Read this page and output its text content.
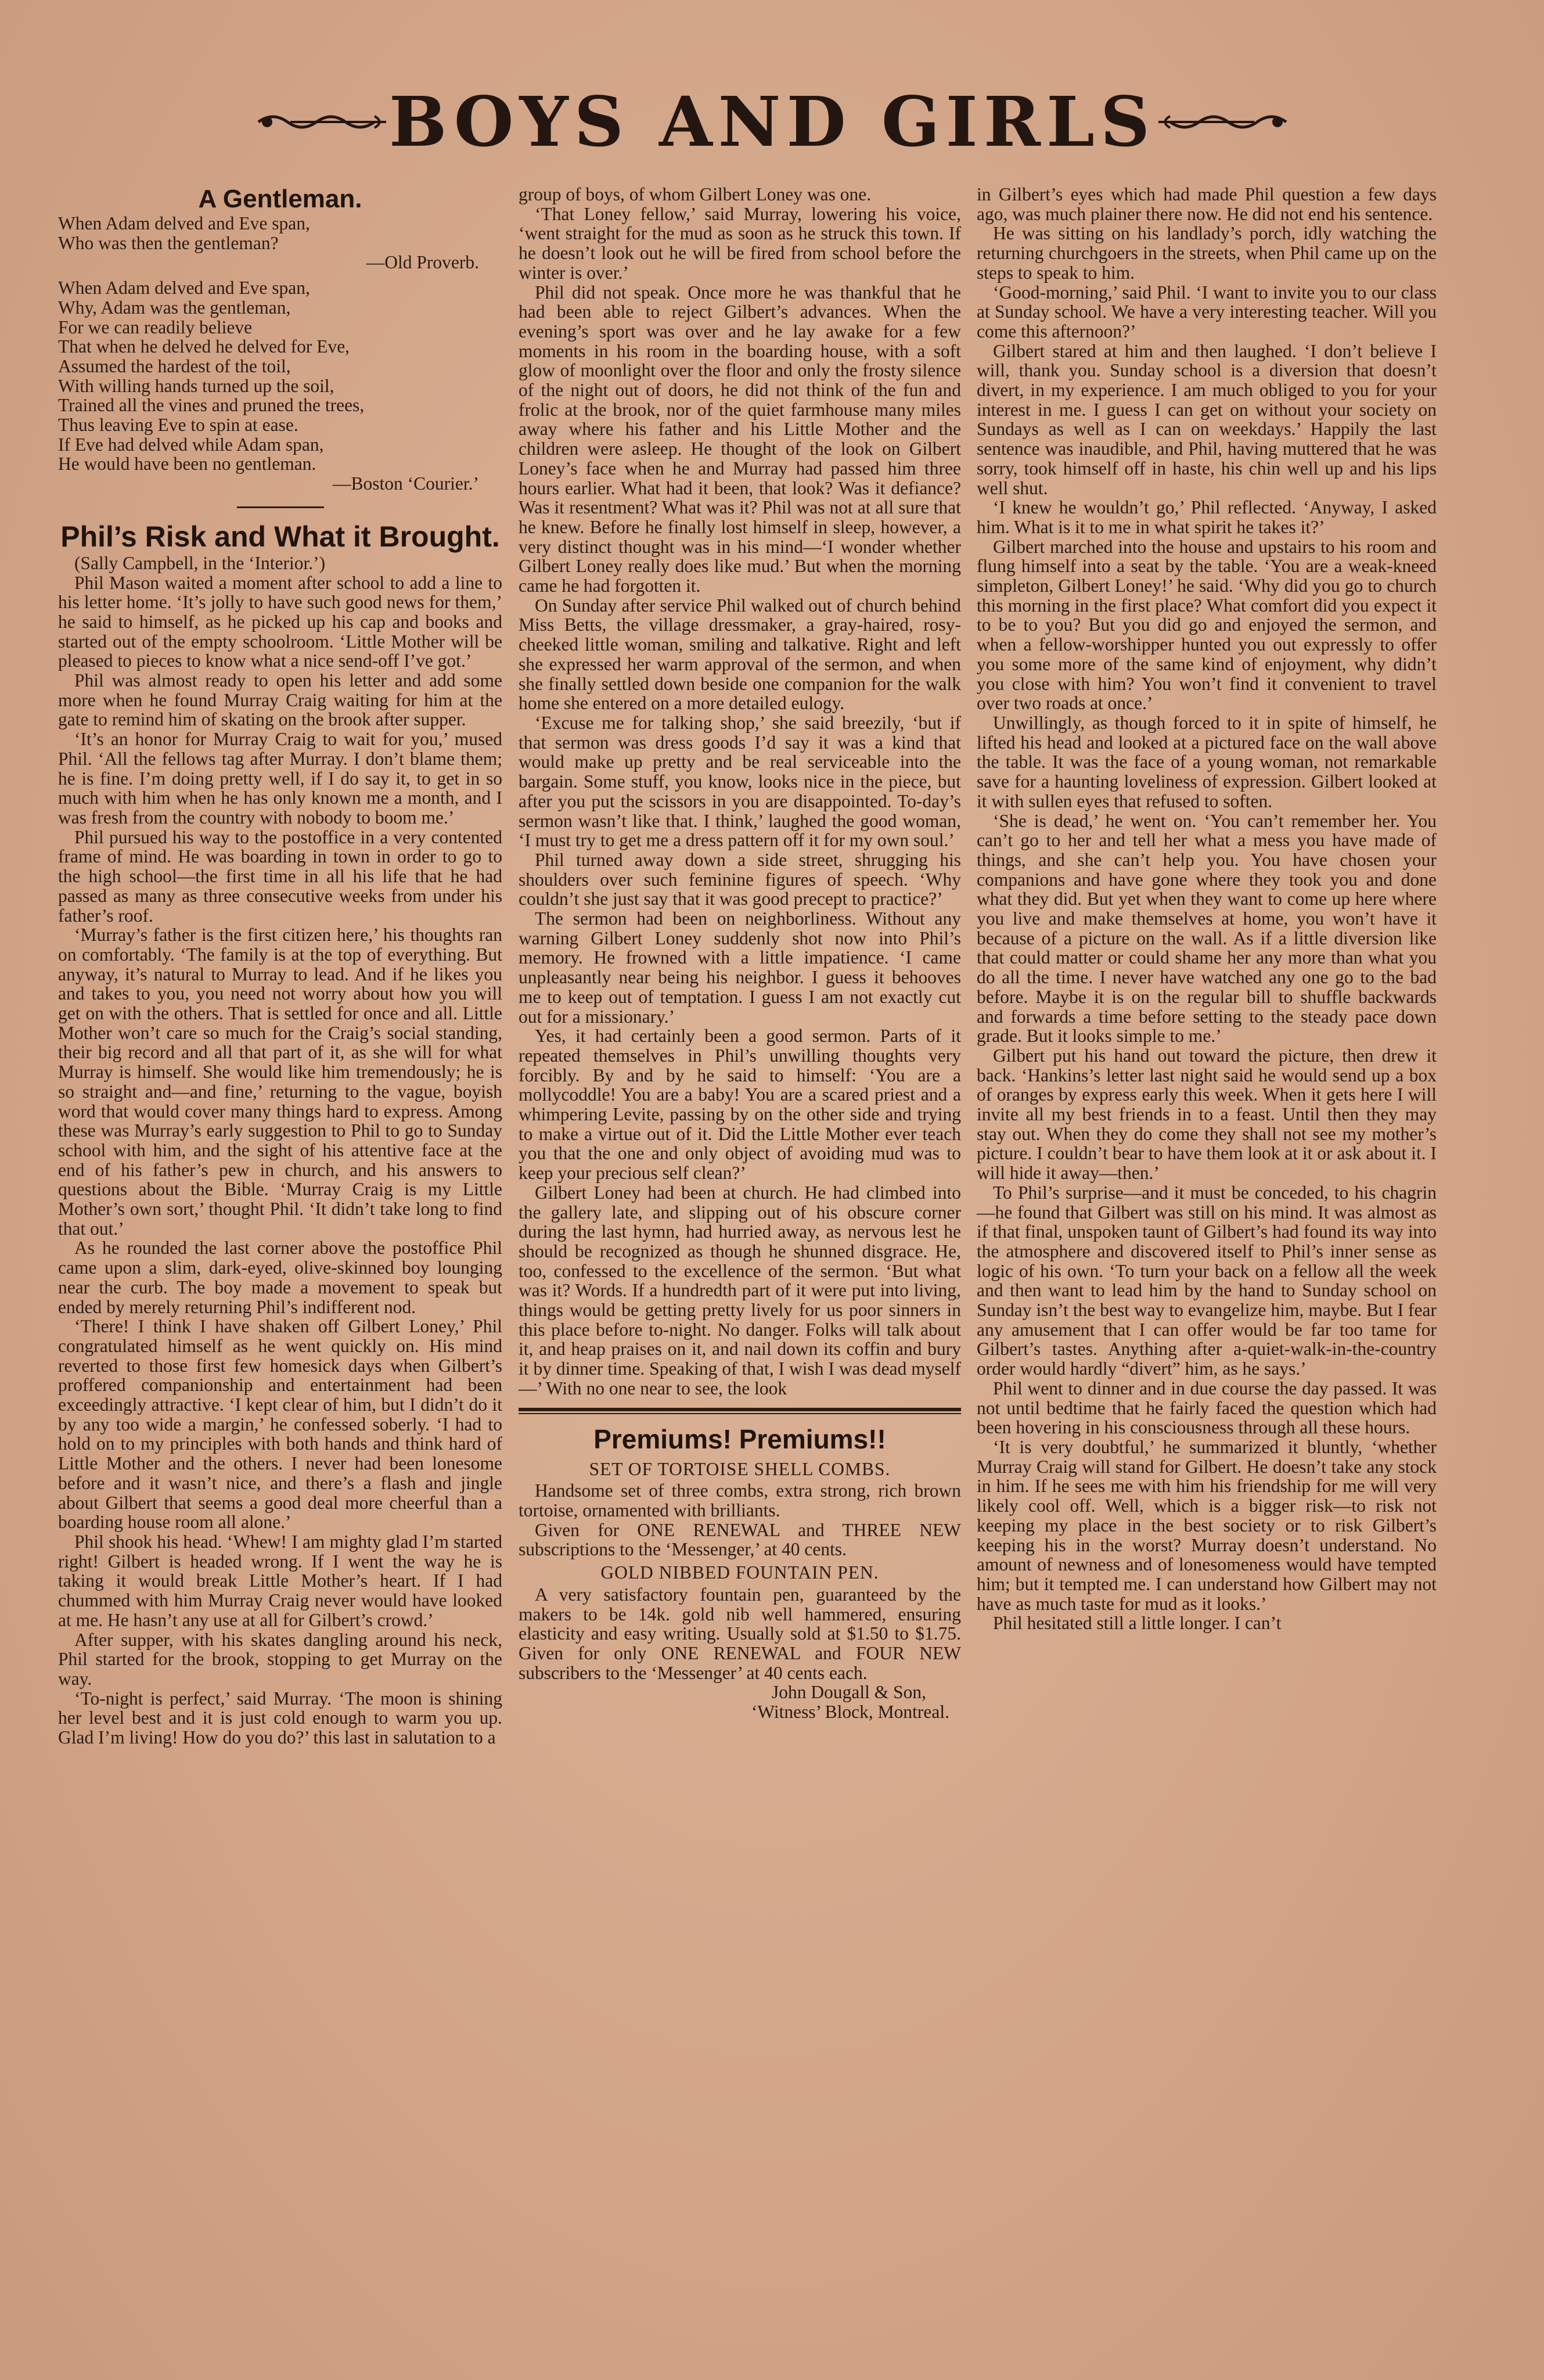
BOYS AND GIRLS
A Gentleman.
When Adam delved and Eve span,
Who was then the gentleman?
—Old Proverb.
When Adam delved and Eve span,
Why, Adam was the gentleman,
For we can readily believe
That when he delved he delved for Eve,
Assumed the hardest of the toil,
With willing hands turned up the soil,
Trained all the vines and pruned the trees,
Thus leaving Eve to spin at ease.
If Eve had delved while Adam span,
He would have been no gentleman.
—Boston ‘Courier.’
Phil’s Risk and What it Brought.

(Sally Campbell, in the ‘Interior.’)

Phil Mason waited a moment after school to add a line to his letter home. ‘It’s jolly to have such good news for them,’ he said to himself, as he picked up his cap and books and started out of the empty schoolroom. ‘Little Mother will be pleased to pieces to know what a nice send-off I’ve got.’

Phil was almost ready to open his letter and add some more when he found Murray Craig waiting for him at the gate to remind him of skating on the brook after supper.

‘It’s an honor for Murray Craig to wait for you,’ mused Phil. ‘All the fellows tag after Murray. I don’t blame them; he is fine. I’m doing pretty well, if I do say it, to get in so much with him when he has only known me a month, and I was fresh from the country with nobody to boom me.’

Phil pursued his way to the postoffice in a very contented frame of mind. He was boarding in town in order to go to the high school—the first time in all his life that he had passed as many as three consecutive weeks from under his father’s roof.

‘Murray’s father is the first citizen here,’ his thoughts ran on comfortably. ‘The family is at the top of everything. But anyway, it’s natural to Murray to lead. And if he likes you and takes to you, you need not worry about how you will get on with the others. That is settled for once and all. Little Mother won’t care so much for the Craig’s social standing, their big record and all that part of it, as she will for what Murray is himself. She would like him tremendously; he is so straight and—and fine,’ returning to the vague, boyish word that would cover many things hard to express. Among these was Murray’s early suggestion to Phil to go to Sunday school with him, and the sight of his attentive face at the end of his father’s pew in church, and his answers to questions about the Bible. ‘Murray Craig is my Little Mother’s own sort,’ thought Phil. ‘It didn’t take long to find that out.’

As he rounded the last corner above the postoffice Phil came upon a slim, dark-eyed, olive-skinned boy lounging near the curb. The boy made a movement to speak but ended by merely returning Phil’s indifferent nod.

‘There! I think I have shaken off Gilbert Loney,’ Phil congratulated himself as he went quickly on. His mind reverted to those first few homesick days when Gilbert’s proffered companionship and entertainment had been exceedingly attractive. ‘I kept clear of him, but I didn’t do it by any too wide a margin,’ he confessed soberly. ‘I had to hold on to my principles with both hands and think hard of Little Mother and the others. I never had been lonesome before and it wasn’t nice, and there’s a flash and jingle about Gilbert that seems a good deal more cheerful than a boarding house room all alone.’

Phil shook his head. ‘Whew! I am mighty glad I’m started right! Gilbert is headed wrong. If I went the way he is taking it would break Little Mother’s heart. If I had chummed with him Murray Craig never would have looked at me. He hasn’t any use at all for Gilbert’s crowd.’

After supper, with his skates dangling around his neck, Phil started for the brook, stopping to get Murray on the way.

‘To-night is perfect,’ said Murray. ‘The moon is shining her level best and it is just cold enough to warm you up. Glad I’m living! How do you do?’ this last in salutation to a

group of boys, of whom Gilbert Loney was one.

‘That Loney fellow,’ said Murray, lowering his voice, ‘went straight for the mud as soon as he struck this town. If he doesn’t look out he will be fired from school before the winter is over.’

Phil did not speak. Once more he was thankful that he had been able to reject Gilbert’s advances. When the evening’s sport was over and he lay awake for a few moments in his room in the boarding house, with a soft glow of moonlight over the floor and only the frosty silence of the night out of doors, he did not think of the fun and frolic at the brook, nor of the quiet farmhouse many miles away where his father and his Little Mother and the children were asleep. He thought of the look on Gilbert Loney’s face when he and Murray had passed him three hours earlier. What had it been, that look? Was it defiance? Was it resentment? What was it? Phil was not at all sure that he knew. Before he finally lost himself in sleep, however, a very distinct thought was in his mind—‘I wonder whether Gilbert Loney really does like mud.’ But when the morning came he had forgotten it.

On Sunday after service Phil walked out of church behind Miss Betts, the village dressmaker, a gray-haired, rosy-cheeked little woman, smiling and talkative. Right and left she expressed her warm approval of the sermon, and when she finally settled down beside one companion for the walk home she entered on a more detailed eulogy.

‘Excuse me for talking shop,’ she said breezily, ‘but if that sermon was dress goods I’d say it was a kind that would make up pretty and be real serviceable into the bargain. Some stuff, you know, looks nice in the piece, but after you put the scissors in you are disappointed. To-day’s sermon wasn’t like that. I think,’ laughed the good woman, ‘I must try to get me a dress pattern off it for my own soul.’

Phil turned away down a side street, shrugging his shoulders over such feminine figures of speech. ‘Why couldn’t she just say that it was good precept to practice?’

The sermon had been on neighborliness. Without any warning Gilbert Loney suddenly shot now into Phil’s memory. He frowned with a little impatience. ‘I came unpleasantly near being his neighbor. I guess it behooves me to keep out of temptation. I guess I am not exactly cut out for a missionary.’

Yes, it had certainly been a good sermon. Parts of it repeated themselves in Phil’s unwilling thoughts very forcibly. By and by he said to himself: ‘You are a mollycoddle! You are a baby! You are a scared priest and a whimpering Levite, passing by on the other side and trying to make a virtue out of it. Did the Little Mother ever teach you that the one and only object of avoiding mud was to keep your precious self clean?’

Gilbert Loney had been at church. He had climbed into the gallery late, and slipping out of his obscure corner during the last hymn, had hurried away, as nervous lest he should be recognized as though he shunned disgrace. He, too, confessed to the excellence of the sermon. ‘But what was it? Words. If a hundredth part of it were put into living, things would be getting pretty lively for us poor sinners in this place before to-night. No danger. Folks will talk about it, and heap praises on it, and nail down its coffin and bury it by dinner time. Speaking of that, I wish I was dead myself—’ With no one near to see, the look

Premiums! Premiums!!
SET OF TORTOISE SHELL COMBS.

Handsome set of three combs, extra strong, rich brown tortoise, ornamented with brilliants.

Given for ONE RENEWAL and THREE NEW subscriptions to the ‘Messenger,’ at 40 cents.

GOLD NIBBED FOUNTAIN PEN.

A very satisfactory fountain pen, guaranteed by the makers to be 14k. gold nib well hammered, ensuring elasticity and easy writing. Usually sold at $1.50 to $1.75. Given for only ONE RENEWAL and FOUR NEW subscribers to the ‘Messenger’ at 40 cents each.

John Dougall & Son,
‘Witness’ Block, Montreal.

in Gilbert’s eyes which had made Phil question a few days ago, was much plainer there now. He did not end his sentence.

He was sitting on his landlady’s porch, idly watching the returning churchgoers in the streets, when Phil came up on the steps to speak to him.

‘Good-morning,’ said Phil. ‘I want to invite you to our class at Sunday school. We have a very interesting teacher. Will you come this afternoon?’

Gilbert stared at him and then laughed. ‘I don’t believe I will, thank you. Sunday school is a diversion that doesn’t divert, in my experience. I am much obliged to you for your interest in me. I guess I can get on without your society on Sundays as well as I can on weekdays.’ Happily the last sentence was inaudible, and Phil, having muttered that he was sorry, took himself off in haste, his chin well up and his lips well shut.

‘I knew he wouldn’t go,’ Phil reflected. ‘Anyway, I asked him. What is it to me in what spirit he takes it?’

Gilbert marched into the house and upstairs to his room and flung himself into a seat by the table. ‘You are a weak-kneed simpleton, Gilbert Loney!’ he said. ‘Why did you go to church this morning in the first place? What comfort did you expect it to be to you? But you did go and enjoyed the sermon, and when a fellow-worshipper hunted you out expressly to offer you some more of the same kind of enjoyment, why didn’t you close with him? You won’t find it convenient to travel over two roads at once.’

Unwillingly, as though forced to it in spite of himself, he lifted his head and looked at a pictured face on the wall above the table. It was the face of a young woman, not remarkable save for a haunting loveliness of expression. Gilbert looked at it with sullen eyes that refused to soften.

‘She is dead,’ he went on. ‘You can’t remember her. You can’t go to her and tell her what a mess you have made of things, and she can’t help you. You have chosen your companions and have gone where they took you and done what they did. But yet when they want to come up here where you live and make themselves at home, you won’t have it because of a picture on the wall. As if a little diversion like that could matter or could shame her any more than what you do all the time. I never have watched any one go to the bad before. Maybe it is on the regular bill to shuffle backwards and forwards a time before setting to the steady pace down grade. But it looks simple to me.’

Gilbert put his hand out toward the picture, then drew it back. ‘Hankins’s letter last night said he would send up a box of oranges by express early this week. When it gets here I will invite all my best friends in to a feast. Until then they may stay out. When they do come they shall not see my mother’s picture. I couldn’t bear to have them look at it or ask about it. I will hide it away—then.’

To Phil’s surprise—and it must be conceded, to his chagrin—he found that Gilbert was still on his mind. It was almost as if that final, unspoken taunt of Gilbert’s had found its way into the atmosphere and discovered itself to Phil’s inner sense as logic of his own. ‘To turn your back on a fellow all the week and then want to lead him by the hand to Sunday school on Sunday isn’t the best way to evangelize him, maybe. But I fear any amusement that I can offer would be far too tame for Gilbert’s tastes. Anything after a-quiet-walk-in-the-country order would hardly “divert” him, as he says.’

Phil went to dinner and in due course the day passed. It was not until bedtime that he fairly faced the question which had been hovering in his consciousness through all these hours.

‘It is very doubtful,’ he summarized it bluntly, ‘whether Murray Craig will stand for Gilbert. He doesn’t take any stock in him. If he sees me with him his friendship for me will very likely cool off. Well, which is a bigger risk—to risk not keeping my place in the best society or to risk Gilbert’s keeping his in the worst? Murray doesn’t understand. No amount of newness and of lonesomeness would have tempted him; but it tempted me. I can understand how Gilbert may not have as much taste for mud as it looks.’

Phil hesitated still a little longer. I can’t
